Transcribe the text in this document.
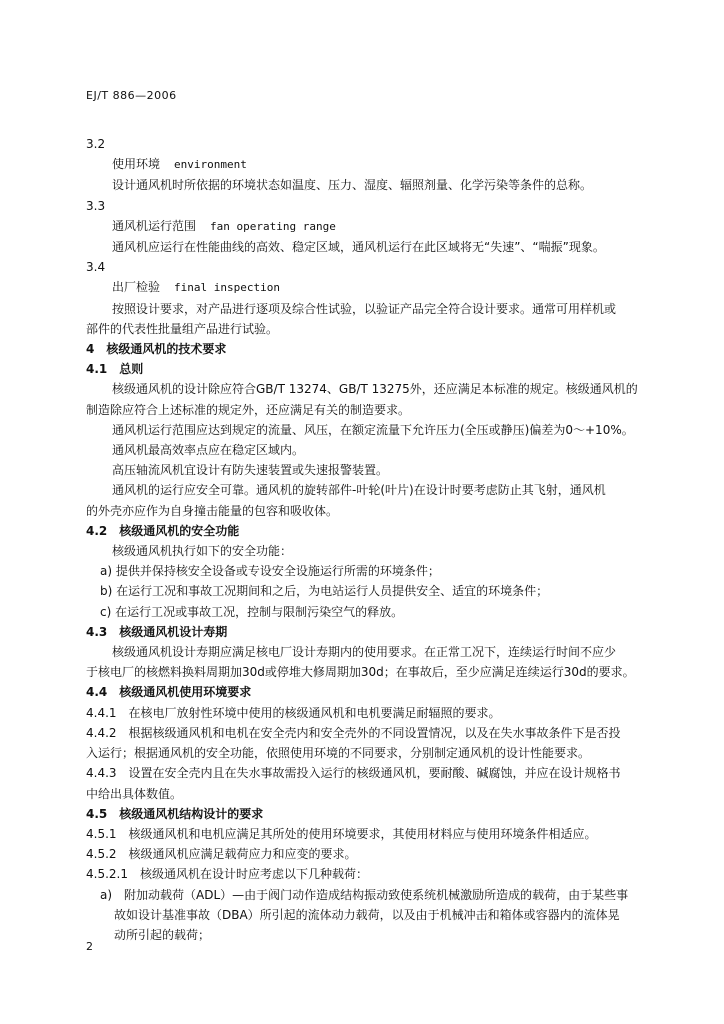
EJ/T 886—2006
3.2
使用环境 environment
设计通风机时所依据的环境状态如温度、压力、湿度、辐照剂量、化学污染等条件的总称。
3.3
通风机运行范围 fan operating range
通风机应运行在性能曲线的高效、稳定区域，通风机运行在此区域将无“失速”、“喘振”现象。
3.4
出厂检验 final inspection
按照设计要求，对产品进行逐项及综合性试验，以验证产品完全符合设计要求。通常可用样机或
部件的代表性批量组产品进行试验。
4　核级通风机的技术要求
4.1　总则
核级通风机的设计除应符合GB/T 13274、GB/T 13275外，还应满足本标准的规定。核级通风机的
制造除应符合上述标准的规定外，还应满足有关的制造要求。
通风机运行范围应达到规定的流量、风压，在额定流量下允许压力(全压或静压)偏差为0～+10%。
通风机最高效率点应在稳定区域内。
高压轴流风机宜设计有防失速装置或失速报警装置。
通风机的运行应安全可靠。通风机的旋转部件-叶轮(叶片)在设计时要考虑防止其飞射，通风机
的外壳亦应作为自身撞击能量的包容和吸收体。
4.2　核级通风机的安全功能
核级通风机执行如下的安全功能：
a) 提供并保持核安全设备或专设安全设施运行所需的环境条件；
b) 在运行工况和事故工况期间和之后，为电站运行人员提供安全、适宜的环境条件；
c) 在运行工况或事故工况，控制与限制污染空气的释放。
4.3　核级通风机设计寿期
核级通风机设计寿期应满足核电厂设计寿期内的使用要求。在正常工况下，连续运行时间不应少
于核电厂的核燃料换料周期加30d或停堆大修周期加30d；在事故后，至少应满足连续运行30d的要求。
4.4　核级通风机使用环境要求
4.4.1　在核电厂放射性环境中使用的核级通风机和电机要满足耐辐照的要求。
4.4.2　根据核级通风机和电机在安全壳内和安全壳外的不同设置情况，以及在失水事故条件下是否投
入运行；根据通风机的安全功能，依照使用环境的不同要求，分别制定通风机的设计性能要求。
4.4.3　设置在安全壳内且在失水事故需投入运行的核级通风机，要耐酸、碱腐蚀，并应在设计规格书
中给出具体数值。
4.5　核级通风机结构设计的要求
4.5.1　核级通风机和电机应满足其所处的使用环境要求，其使用材料应与使用环境条件相适应。
4.5.2　核级通风机应满足载荷应力和应变的要求。
4.5.2.1　核级通风机在设计时应考虑以下几种载荷：
a)　附加动载荷（ADL）—由于阀门动作造成结构振动致使系统机械激励所造成的载荷，由于某些事
故如设计基准事故（DBA）所引起的流体动力载荷，以及由于机械冲击和箱体或容器内的流体晃
动所引起的载荷；
2
